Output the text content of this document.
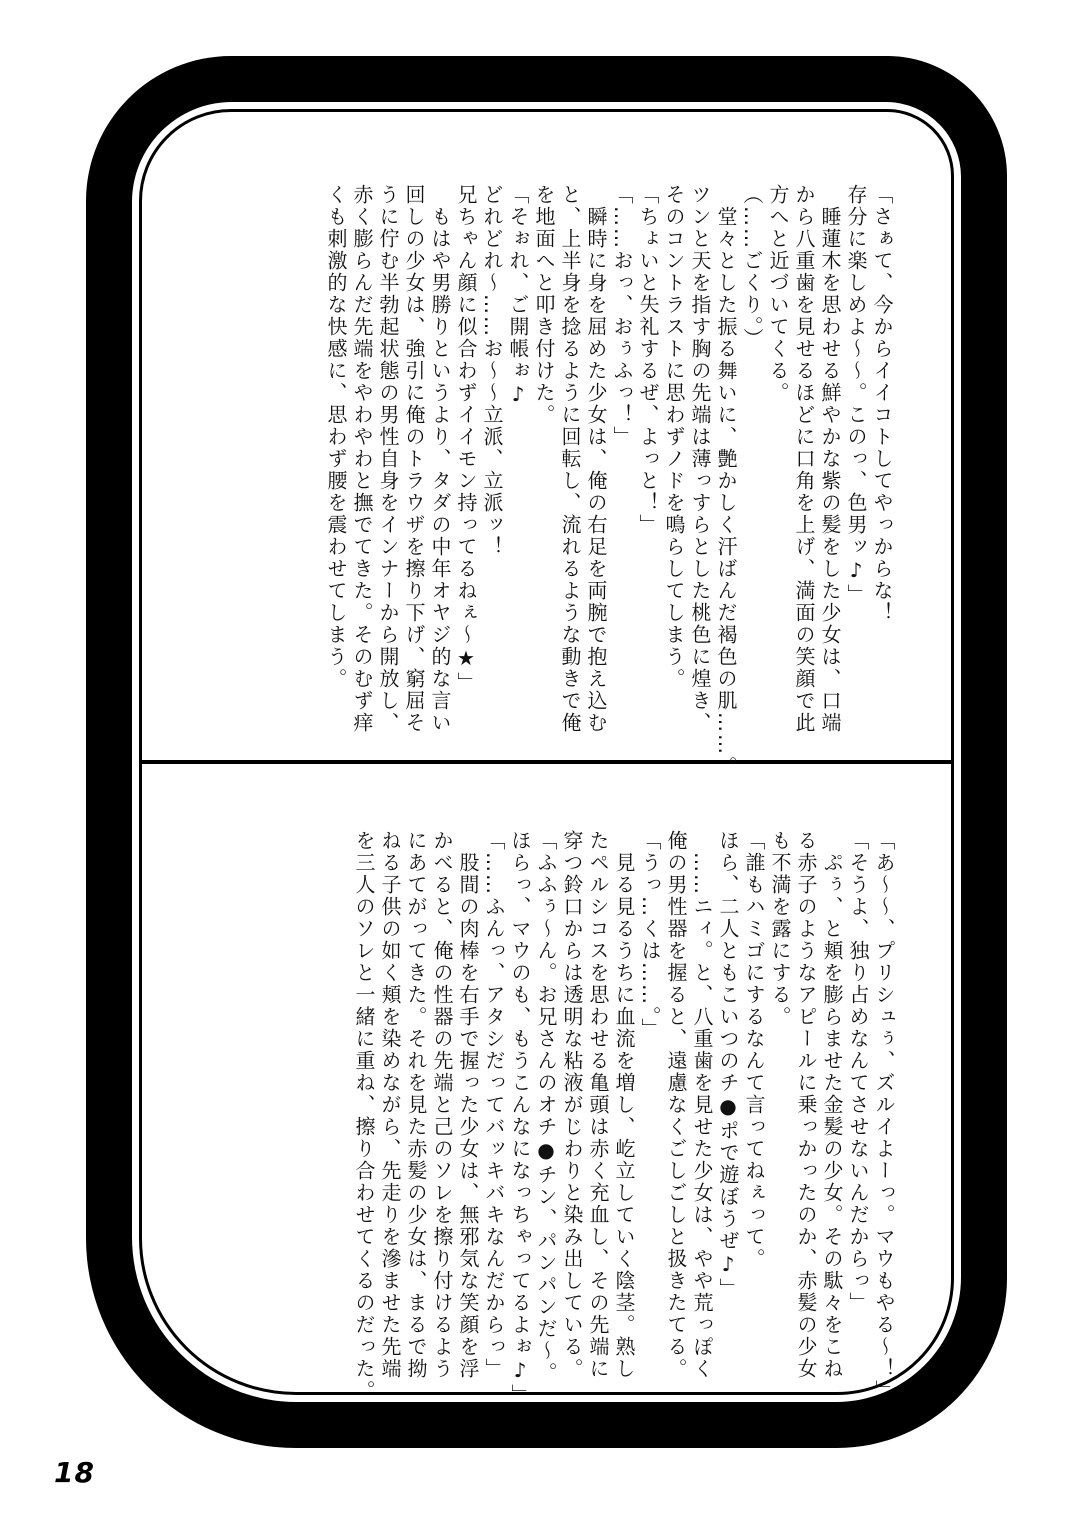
「さぁて、今からイイコトしてやっからな！

存分に楽しめよ〜〜。このっ、色男ッ♪」

睡蓮木を思わせる鮮やかな紫の髪をした少女は、口端

から八重歯を見せるほどに口角を上げ、満面の笑顔で此

方へと近づいてくる。

（……ごくり。）

堂々とした振る舞いに、艶かしく汗ばんだ褐色の肌……。

ツンと天を指す胸の先端は薄っすらとした桃色に煌き、

そのコントラストに思わずノドを鳴らしてしまう。

「ちょいと失礼するぜ、よっと！」

「……おっ、おぅふっ！」

瞬時に身を屈めた少女は、俺の右足を両腕で抱え込む

と、上半身を捻るように回転し、流れるような動きで俺

を地面へと叩き付けた。

「そぉれ、ご開帳ぉ♪

どれどれ〜……お〜〜立派、立派ッ！

兄ちゃん顔に似合わずイイモン持ってるねぇ〜★」

もはや男勝りというより、タダの中年オヤジ的な言い

回しの少女は、強引に俺のトラウザを擦り下げ、窮屈そ

うに佇む半勃起状態の男性自身をインナーから開放し、

赤く膨らんだ先端をやわやわと撫でてきた。そのむず痒

くも刺激的な快感に、思わず腰を震わせてしまう。

「あ〜〜、プリシュぅ、ズルイよーっ。マウもやる〜！」

「そうよ、独り占めなんてさせないんだからっ」

ぷぅ、と頬を膨らませた金髪の少女。その駄々をこね

る赤子のようなアピールに乗っかったのか、赤髪の少女

も不満を露にする。

「誰もハミゴにするなんて言ってねぇって。

ほら、二人ともこいつのチ●ポで遊ぼうぜ♪」

……ニィ。と、八重歯を見せた少女は、やや荒っぽく

俺の男性器を握ると、遠慮なくごしごしと扱きたてる。

「うっ…くは……。」

見る見るうちに血流を増し、屹立していく陰茎。熟し

たペルシコスを思わせる亀頭は赤く充血し、その先端に

穿つ鈴口からは透明な粘液がじわりと染み出している。

「ふふぅ〜ん。お兄さんのオチ●チン、パンパンだ〜。

ほらっ、マウのも、もうこんなになっちゃってるよぉ♪」

「……ふんっ、アタシだってバッキバキなんだからっ」

股間の肉棒を右手で握った少女は、無邪気な笑顔を浮

かべると、俺の性器の先端と己のソレを擦り付けるよう

にあてがってきた。それを見た赤髪の少女は、まるで拗

ねる子供の如く頬を染めながら、先走りを滲ませた先端

を三人のソレと一緒に重ね、擦り合わせてくるのだった。

18
